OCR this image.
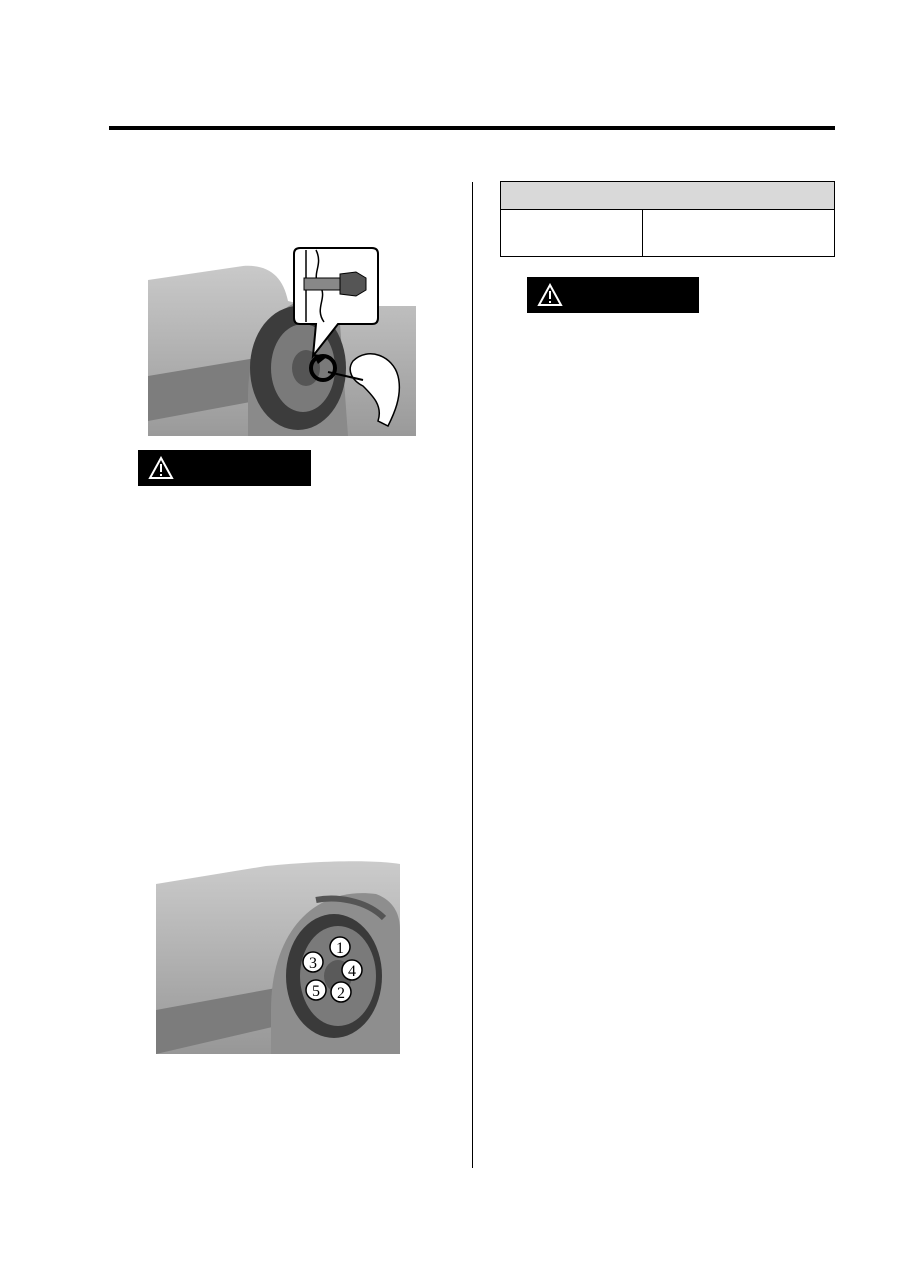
1
2
3 4
5
